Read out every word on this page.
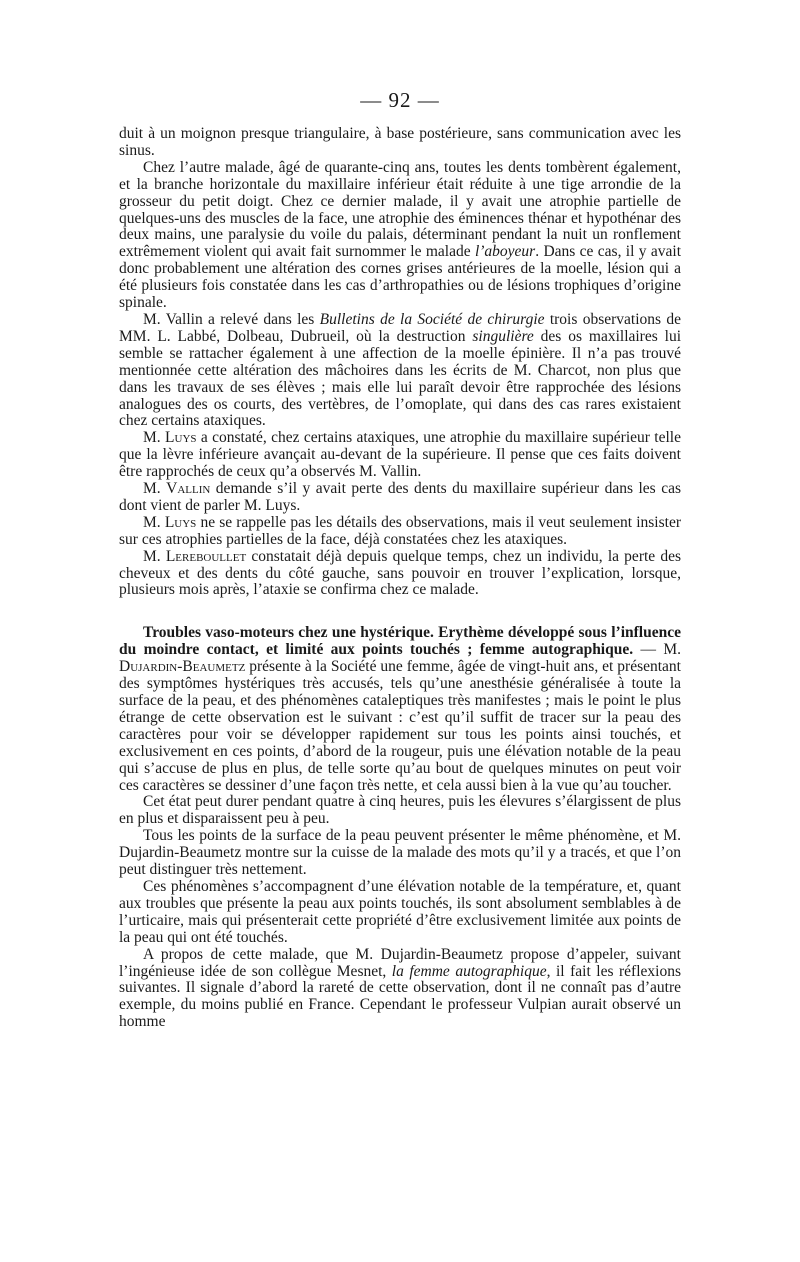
— 92 —

duit à un moignon presque triangulaire, à base postérieure, sans communication avec les sinus.

Chez l’autre malade, âgé de quarante-cinq ans, toutes les dents tombèrent également, et la branche horizontale du maxillaire inférieur était réduite à une tige arrondie de la grosseur du petit doigt. Chez ce dernier malade, il y avait une atrophie partielle de quelques-uns des muscles de la face, une atrophie des éminences thénar et hypothénar des deux mains, une paralysie du voile du palais, déterminant pendant la nuit un ronflement extrêmement violent qui avait fait surnommer le malade l’aboyeur. Dans ce cas, il y avait donc probablement une altération des cornes grises antérieures de la moelle, lésion qui a été plusieurs fois constatée dans les cas d’arthropathies ou de lésions trophiques d’origine spinale.

M. Vallin a relevé dans les Bulletins de la Société de chirurgie trois observations de MM. L. Labbé, Dolbeau, Dubrueil, où la destruction singulière des os maxillaires lui semble se rattacher également à une affection de la moelle épinière. Il n’a pas trouvé mentionnée cette altération des mâchoires dans les écrits de M. Charcot, non plus que dans les travaux de ses élèves ; mais elle lui paraît devoir être rapprochée des lésions analogues des os courts, des vertèbres, de l’omoplate, qui dans des cas rares existaient chez certains ataxiques.

M. Luys a constaté, chez certains ataxiques, une atrophie du maxillaire supérieur telle que la lèvre inférieure avançait au-devant de la supérieure. Il pense que ces faits doivent être rapprochés de ceux qu’a observés M. Vallin.

M. Vallin demande s’il y avait perte des dents du maxillaire supérieur dans les cas dont vient de parler M. Luys.

M. Luys ne se rappelle pas les détails des observations, mais il veut seulement insister sur ces atrophies partielles de la face, déjà constatées chez les ataxiques.

M. Lereboullet constatait déjà depuis quelque temps, chez un individu, la perte des cheveux et des dents du côté gauche, sans pouvoir en trouver l’explication, lorsque, plusieurs mois après, l’ataxie se confirma chez ce malade.

Troubles vaso-moteurs chez une hystérique. Erythème développé sous l’influence du moindre contact, et limité aux points touchés ; femme autographique. — M. Dujardin-Beaumetz présente à la Société une femme, âgée de vingt-huit ans, et présentant des symptômes hystériques très accusés, tels qu’une anesthésie généralisée à toute la surface de la peau, et des phénomènes cataleptiques très manifestes ; mais le point le plus étrange de cette observation est le suivant : c’est qu’il suffit de tracer sur la peau des caractères pour voir se développer rapidement sur tous les points ainsi touchés, et exclusivement en ces points, d’abord de la rougeur, puis une élévation notable de la peau qui s’accuse de plus en plus, de telle sorte qu’au bout de quelques minutes on peut voir ces caractères se dessiner d’une façon très nette, et cela aussi bien à la vue qu’au toucher.

Cet état peut durer pendant quatre à cinq heures, puis les élevures s’élargissent de plus en plus et disparaissent peu à peu.

Tous les points de la surface de la peau peuvent présenter le même phénomène, et M. Dujardin-Beaumetz montre sur la cuisse de la malade des mots qu’il y a tracés, et que l’on peut distinguer très nettement.

Ces phénomènes s’accompagnent d’une élévation notable de la température, et, quant aux troubles que présente la peau aux points touchés, ils sont absolument semblables à de l’urticaire, mais qui présenterait cette propriété d’être exclusivement limitée aux points de la peau qui ont été touchés.

A propos de cette malade, que M. Dujardin-Beaumetz propose d’appeler, suivant l’ingénieuse idée de son collègue Mesnet, la femme autographique, il fait les réflexions suivantes. Il signale d’abord la rareté de cette observation, dont il ne connaît pas d’autre exemple, du moins publié en France. Cependant le professeur Vulpian aurait observé un homme
